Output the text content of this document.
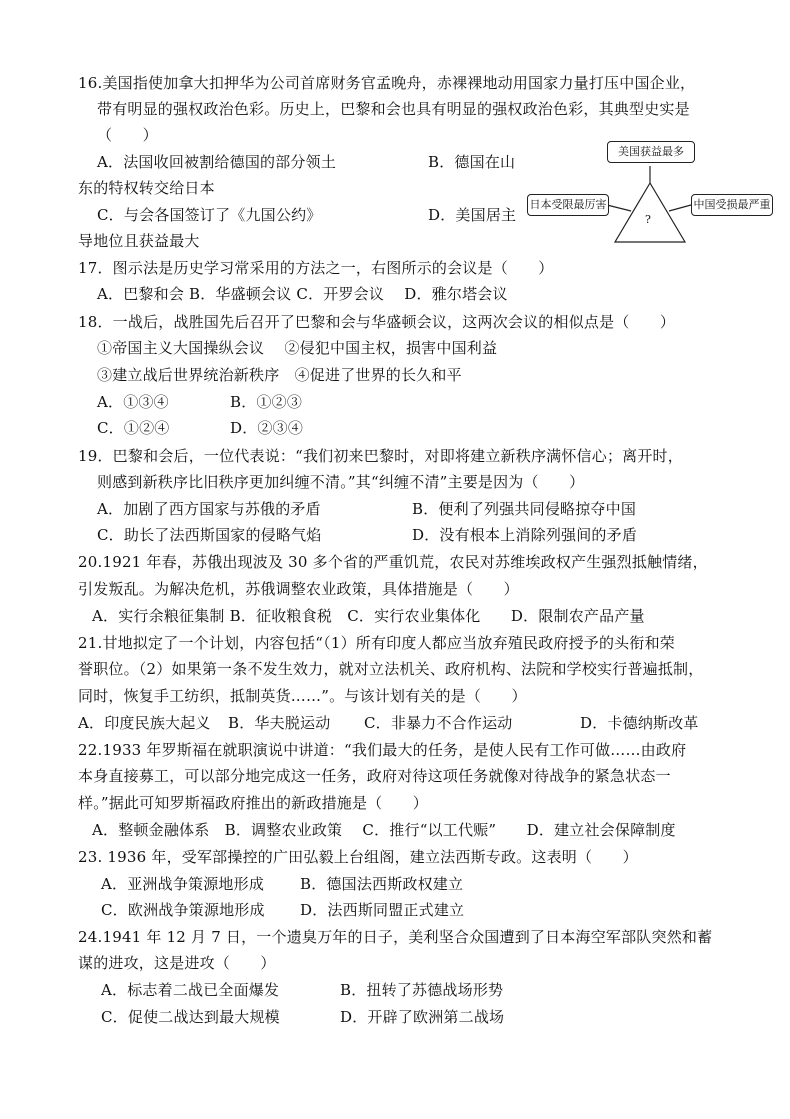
16.美国指使加拿大扣押华为公司首席财务官孟晚舟，赤裸裸地动用国家力量打压中国企业，
带有明显的强权政治色彩。历史上，巴黎和会也具有明显的强权政治色彩，其典型史实是
（　　）
A．法国收回被割给德国的部分领土	B．德国在山
东的特权转交给日本
C．与会各国签订了《九国公约》	D．美国居主
导地位且获益最大
美国获益最多
日本受限最厉害	中国受损最严重
?
17．图示法是历史学习常采用的方法之一，右图所示的会议是（　　）
A．巴黎和会 B．华盛顿会议 C．开罗会议　 D．雅尔塔会议
18．一战后，战胜国先后召开了巴黎和会与华盛顿会议，这两次会议的相似点是（　　）
①帝国主义大国操纵会议　 ②侵犯中国主权，损害中国利益
③建立战后世界统治新秩序　④促进了世界的长久和平
A．①③④	B．①②③
C．①②④	D．②③④
19．巴黎和会后，一位代表说：“我们初来巴黎时，对即将建立新秩序满怀信心；离开时，
则感到新秩序比旧秩序更加纠缠不清。”其“纠缠不清”主要是因为（　　）
A．加剧了西方国家与苏俄的矛盾	B．便利了列强共同侵略掠夺中国
C．助长了法西斯国家的侵略气焰	D．没有根本上消除列强间的矛盾
20.1921 年春，苏俄出现波及 30 多个省的严重饥荒，农民对苏维埃政权产生强烈抵触情绪，
引发叛乱。为解决危机，苏俄调整农业政策，具体措施是（　　）
A．实行余粮征集制 B．征收粮食税　C．实行农业集体化　　D．限制农产品产量
21.甘地拟定了一个计划，内容包括“（1）所有印度人都应当放弃殖民政府授予的头衔和荣
誉职位。（2）如果第一条不发生效力，就对立法机关、政府机构、法院和学校实行普遍抵制，
同时，恢复手工纺织，抵制英货……”。与该计划有关的是（　　）
A．印度民族大起义 B．华夫脱运动 C．非暴力不合作运动	D．卡德纳斯改革
22.1933 年罗斯福在就职演说中讲道：“我们最大的任务，是使人民有工作可做……由政府
本身直接募工，可以部分地完成这一任务，政府对待这项任务就像对待战争的紧急状态一
样。”据此可知罗斯福政府推出的新政措施是（　　）
A．整顿金融体系　B．调整农业政策　 C．推行“以工代赈”　　D．建立社会保障制度
23. 1936 年，受军部操控的广田弘毅上台组阁，建立法西斯专政。这表明（　　）
A．亚洲战争策源地形成 B．德国法西斯政权建立
C．欧洲战争策源地形成 D．法西斯同盟正式建立
24.1941 年 12 月 7 日，一个遗臭万年的日子，美利坚合众国遭到了日本海空军部队突然和蓄
谋的进攻，这是进攻（　　）
A．标志着二战已全面爆发	B．扭转了苏德战场形势
C．促使二战达到最大规模	D．开辟了欧洲第二战场
